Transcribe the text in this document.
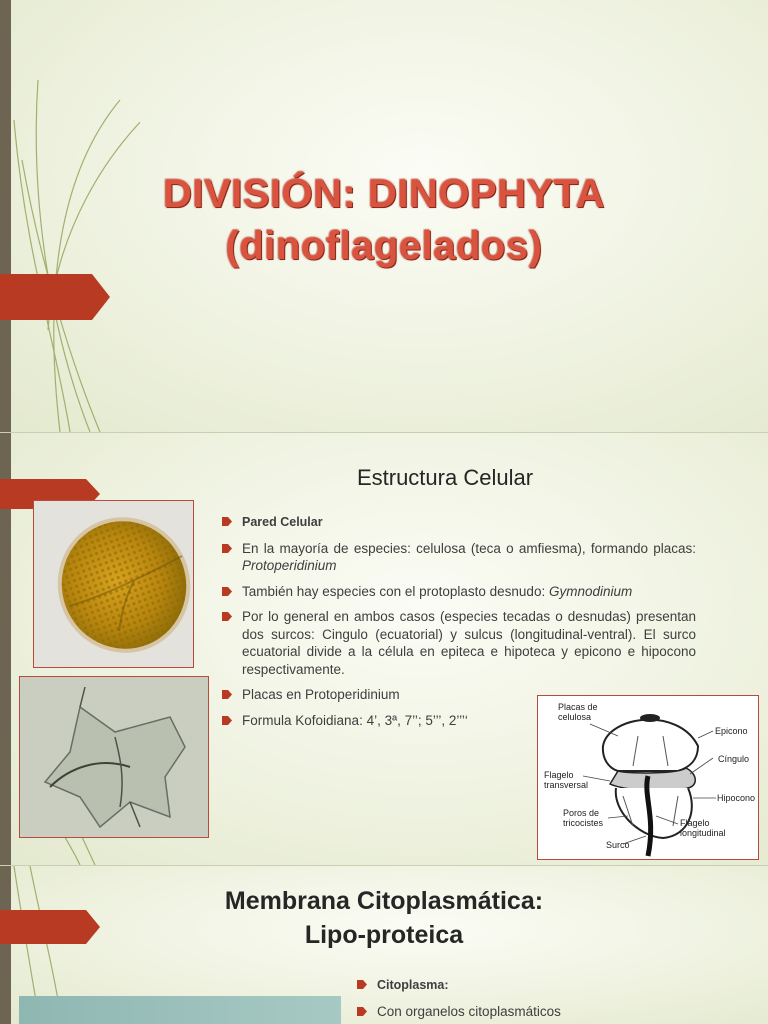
DIVISIÓN: DINOPHYTA
(dinoflagelados)
Estructura Celular
Pared Celular
En la mayoría de especies: celulosa (teca o amfiesma), formando placas: Protoperidinium
También hay especies con el protoplasto desnudo: Gymnodinium
Por lo general en ambos casos (especies tecadas o desnudas) presentan dos surcos: Cingulo (ecuatorial) y sulcus (longitudinal-ventral). El surco ecuatorial divide a la célula en epiteca e hipoteca y epicono e hipocono respectivamente.
Placas en Protoperidinium
Formula Kofoidiana: 4’, 3ª, 7’’; 5’’’, 2’’’‘
Placas de
celulosa
Epicono
Cíngulo
Flagelo
transversal
Hipocono
Poros de
tricocistes	Flagelo
longitudinal
Surco
Membrana Citoplasmática:
Lipo-proteica
Citoplasma:
Con organelos citoplasmáticos
